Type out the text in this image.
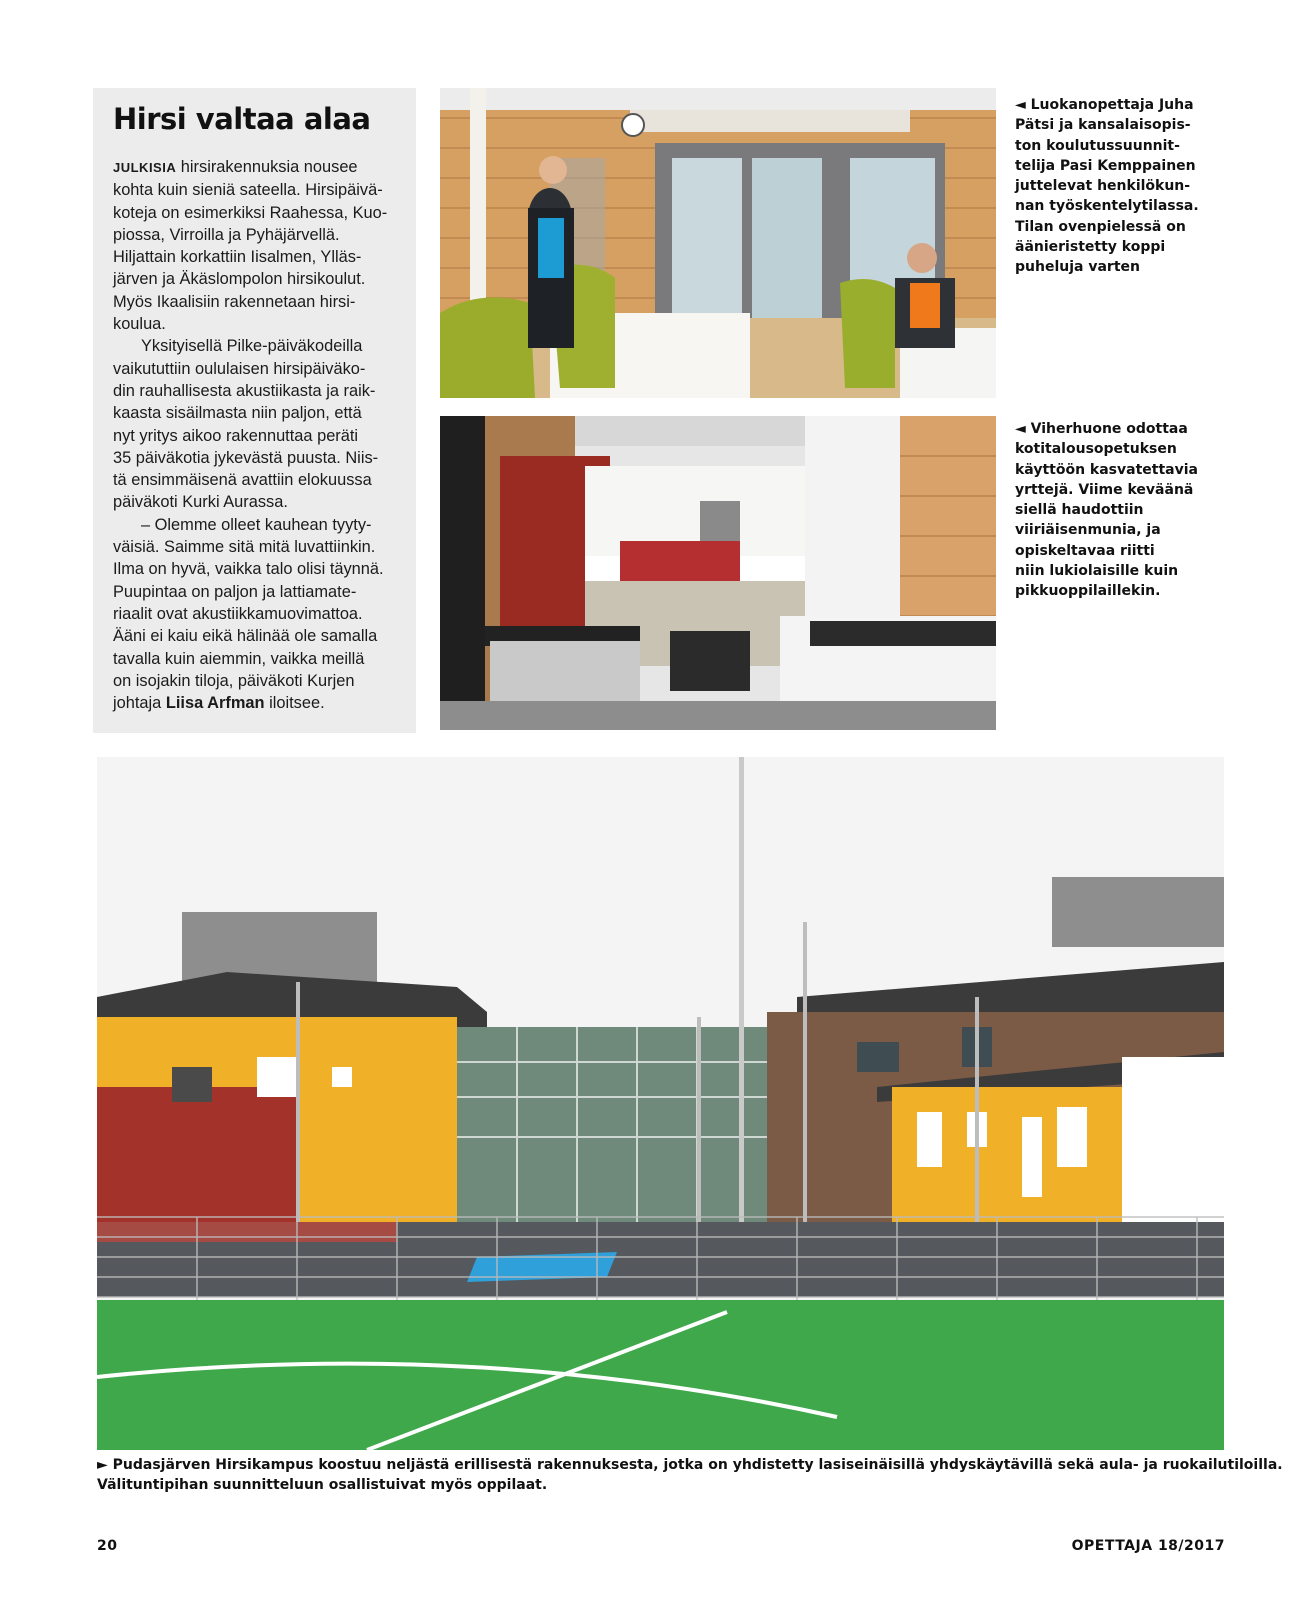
Hirsi valtaa alaa

JULKISIA hirsirakennuksia nousee
kohta kuin sieniä sateella. Hirsipäivä-
koteja on esimerkiksi Raahessa, Kuo-
piossa, Virroilla ja Pyhäjärvellä.
Hiljattain korkattiin Iisalmen, Ylläs-
järven ja Äkäslompolon hirsikoulut.
Myös Ikaalisiin rakennetaan hirsi-
koulua.

Yksityisellä Pilke-päiväkodeilla
vaikututtiin oululaisen hirsipäiväko-
din rauhallisesta akustiikasta ja raik-
kaasta sisäilmasta niin paljon, että
nyt yritys aikoo rakennuttaa peräti
35 päiväkotia jykevästä puusta. Niis-
tä ensimmäisenä avattiin elokuussa
päiväkoti Kurki Aurassa.

– Olemme olleet kauhean tyyty-
väisiä. Saimme sitä mitä luvattiinkin.
Ilma on hyvä, vaikka talo olisi täynnä.
Puupintaa on paljon ja lattiamate-
riaalit ovat akustiikkamuovimattoa.
Ääni ei kaiu eikä hälinää ole samalla
tavalla kuin aiemmin, vaikka meillä
on isojakin tiloja, päiväkoti Kurjen
johtaja Liisa Arfman iloitsee.

◄ Luokanopettaja Juha
Pätsi ja kansalaisopis-
ton koulutussuunnit-
telija Pasi Kemppainen
juttelevat henkilökun-
nan työskentelytilassa.
Tilan ovenpielessä on
äänieristetty koppi
puheluja varten
◄ Viherhuone odottaa
kotitalousopetuksen
käyttöön kasvatettavia
yrttejä. Viime keväänä
siellä haudottiin
viiriäisenmunia, ja
opiskeltavaa riitti
niin lukiolaisille kuin
pikkuoppilaillekin.
► Pudasjärven Hirsikampus koostuu neljästä erillisestä rakennuksesta, jotka on yhdistetty lasiseinäisillä yhdyskäytävillä sekä aula- ja ruokailutiloilla.
Välituntipihan suunnitteluun osallistuivat myös oppilaat.
20	OPETTAJA 18/2017
